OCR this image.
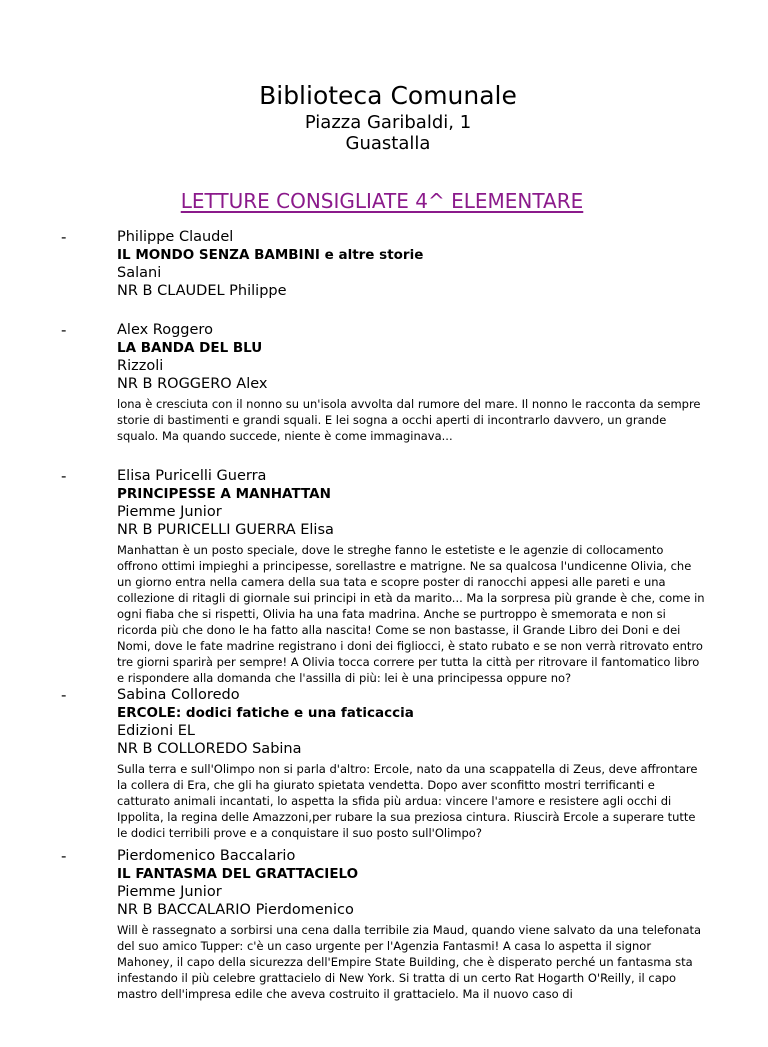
Biblioteca Comunale
Piazza Garibaldi, 1
Guastalla
LETTURE CONSIGLIATE 4^ ELEMENTARE
-	Philippe Claudel
IL MONDO SENZA BAMBINI e altre storie
Salani
NR B CLAUDEL Philippe
-	Alex Roggero
LA BANDA DEL BLU
Rizzoli
NR B ROGGERO Alex
lona è cresciuta con il nonno su un'isola avvolta dal rumore del mare. Il nonno le racconta da sempre storie di bastimenti e grandi squali. E lei sogna a occhi aperti di incontrarlo davvero, un grande squalo. Ma quando succede, niente è come immaginava...
-	Elisa Puricelli Guerra
PRINCIPESSE A MANHATTAN
Piemme Junior
NR B PURICELLI GUERRA Elisa
Manhattan è un posto speciale, dove le streghe fanno le estetiste e le agenzie di collocamento offrono ottimi impieghi a principesse, sorellastre e matrigne. Ne sa qualcosa l'undicenne Olivia, che un giorno entra nella camera della sua tata e scopre poster di ranocchi appesi alle pareti e una collezione di ritagli di giornale sui principi in età da marito... Ma la sorpresa più grande è che, come in ogni fiaba che si rispetti, Olivia ha una fata madrina. Anche se purtroppo è smemorata e non si ricorda più che dono le ha fatto alla nascita! Come se non bastasse, il Grande Libro dei Doni e dei Nomi, dove le fate madrine registrano i doni dei figliocci, è stato rubato e se non verrà ritrovato entro tre giorni sparirà per sempre! A Olivia tocca correre per tutta la città per ritrovare il fantomatico libro e rispondere alla domanda che l'assilla di più: lei è una principessa oppure no?
-	Sabina Colloredo
ERCOLE: dodici fatiche e una faticaccia
Edizioni EL
NR B COLLOREDO Sabina
Sulla terra e sull'Olimpo non si parla d'altro: Ercole, nato da una scappatella di Zeus, deve affrontare la collera di Era, che gli ha giurato spietata vendetta. Dopo aver sconfitto mostri terrificanti e catturato animali incantati, lo aspetta la sfida più ardua: vincere l'amore e resistere agli occhi di Ippolita, la regina delle Amazzoni,per rubare la sua preziosa cintura. Riuscirà Ercole a superare tutte le dodici terribili prove e a conquistare il suo posto sull'Olimpo?
-	Pierdomenico Baccalario
IL FANTASMA DEL GRATTACIELO
Piemme Junior
NR B BACCALARIO Pierdomenico
Will è rassegnato a sorbirsi una cena dalla terribile zia Maud, quando viene salvato da una telefonata del suo amico Tupper: c'è un caso urgente per l'Agenzia Fantasmi! A casa lo aspetta il signor Mahoney, il capo della sicurezza dell'Empire State Building, che è disperato perché un fantasma sta infestando il più celebre grattacielo di New York. Si tratta di un certo Rat Hogarth O'Reilly, il capo mastro dell'impresa edile che aveva costruito il grattacielo. Ma il nuovo caso di
